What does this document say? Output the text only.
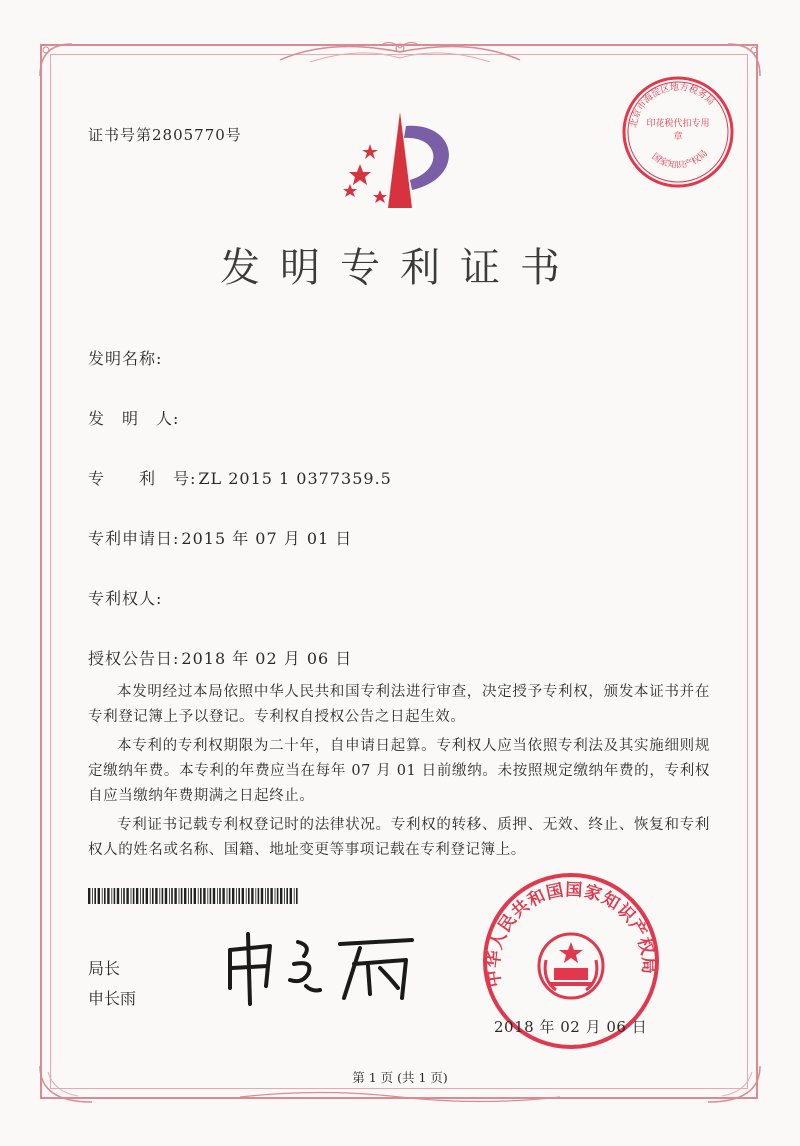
证书号第2805770号
北京市海淀区地方税务局
国家知识产权局
印花税代扣专用章
发明专利证书
发明名称:
发　明　人:
专　　利　号: ZL 2015 1 0377359.5
专利申请日: 2015 年 07 月 01 日
专利权人:
授权公告日: 2018 年 02 月 06 日

本发明经过本局依照中华人民共和国专利法进行审查，决定授予专利权，颁发本证书并在专利登记簿上予以登记。专利权自授权公告之日起生效。

本专利的专利权期限为二十年，自申请日起算。专利权人应当依照专利法及其实施细则规定缴纳年费。本专利的年费应当在每年 07 月 01 日前缴纳。未按照规定缴纳年费的，专利权自应当缴纳年费期满之日起终止。

专利证书记载专利权登记时的法律状况。专利权的转移、质押、无效、终止、恢复和专利权人的姓名或名称、国籍、地址变更等事项记载在专利登记簿上。

局长
申长雨
中华人民共和国国家知识产权局
2018 年 02 月 06 日
第 1 页 (共 1 页)
